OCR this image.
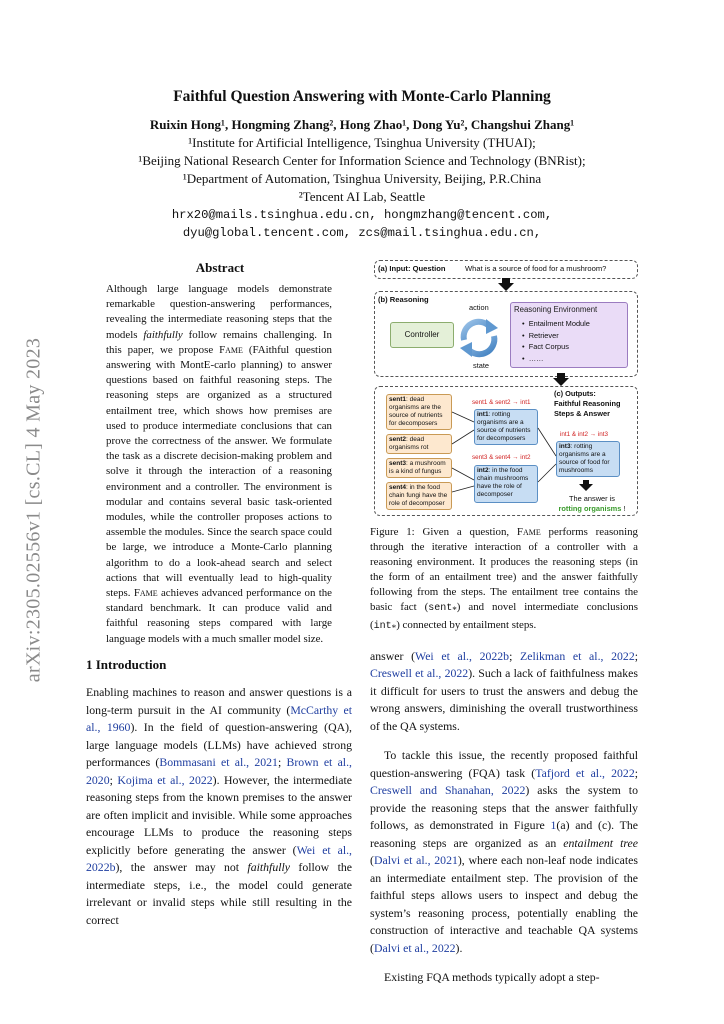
Faithful Question Answering with Monte-Carlo Planning
Ruixin Hong¹, Hongming Zhang², Hong Zhao¹, Dong Yu², Changshui Zhang¹
¹Institute for Artificial Intelligence, Tsinghua University (THUAI);
¹Beijing National Research Center for Information Science and Technology (BNRist);
¹Department of Automation, Tsinghua University, Beijing, P.R.China
²Tencent AI Lab, Seattle
hrx20@mails.tsinghua.edu.cn, hongmzhang@tencent.com,
dyu@global.tencent.com, zcs@mail.tsinghua.edu.cn,
arXiv:2305.02556v1 [cs.CL] 4 May 2023
Abstract
Although large language models demonstrate remarkable question-answering performances, revealing the intermediate reasoning steps that the models faithfully follow remains challenging. In this paper, we propose Fame (FAithful question answering with MontE-carlo planning) to answer questions based on faithful reasoning steps. The reasoning steps are organized as a structured entailment tree, which shows how premises are used to produce intermediate conclusions that can prove the correctness of the answer. We formulate the task as a discrete decision-making problem and solve it through the interaction of a reasoning environment and a controller. The environment is modular and contains several basic task-oriented modules, while the controller proposes actions to assemble the modules. Since the search space could be large, we introduce a Monte-Carlo planning algorithm to do a look-ahead search and select actions that will eventually lead to high-quality steps. Fame achieves advanced performance on the standard benchmark. It can produce valid and faithful reasoning steps compared with large language models with a much smaller model size.
1 Introduction
Enabling machines to reason and answer questions is a long-term pursuit in the AI community (McCarthy et al., 1960). In the field of question-answering (QA), large language models (LLMs) have achieved strong performances (Bommasani et al., 2021; Brown et al., 2020; Kojima et al., 2022). However, the intermediate reasoning steps from the known premises to the answer are often implicit and invisible. While some approaches encourage LLMs to produce the reasoning steps explicitly before generating the answer (Wei et al., 2022b), the answer may not faithfully follow the intermediate steps, i.e., the model could generate irrelevant or invalid steps while still resulting in the correct

answer (Wei et al., 2022b; Zelikman et al., 2022; Creswell et al., 2022). Such a lack of faithfulness makes it difficult for users to trust the answers and debug the wrong answers, diminishing the overall trustworthiness of the QA systems.

To tackle this issue, the recently proposed faithful question-answering (FQA) task (Tafjord et al., 2022; Creswell and Shanahan, 2022) asks the system to provide the reasoning steps that the answer faithfully follows, as demonstrated in Figure 1(a) and (c). The reasoning steps are organized as an entailment tree (Dalvi et al., 2021), where each non-leaf node indicates an intermediate entailment step. The provision of the faithful steps allows users to inspect and debug the system’s reasoning process, potentially enabling the construction of interactive and teachable QA systems (Dalvi et al., 2022).

Existing FQA methods typically adopt a step-

Figure 1: Given a question, Fame performs reasoning through the iterative interaction of a controller with a reasoning environment. It produces the reasoning steps (in the form of an entailment tree) and the answer faithfully following from the steps. The entailment tree contains the basic fact (sent$_*$) and novel intermediate conclusions (int$_*$) connected by entailment steps.
(a) Input: Question	What is a source of food for a mushroom?
(b) Reasoning
action
state
Controller
Reasoning Environment
•  Entailment Module
•  Retriever
•  Fact Corpus
•  ……
(c) Outputs:
Faithful Reasoning
Steps & Answer
sent1: dead organisms are the source of nutrients for decomposers
sent2: dead organisms rot
sent3: a mushroom is a kind of fungus
sent4: in the food chain fungi have the role of decomposer
sent1 & sent2 → int1
int1: rotting organisms are a source of nutrients for decomposers
sent3 & sent4 → int2
int2: in the food chain mushrooms have the role of decomposer
int1 & int2 → int3
int3: rotting organisms are a source of food for mushrooms
The answer is
rotting organisms !
